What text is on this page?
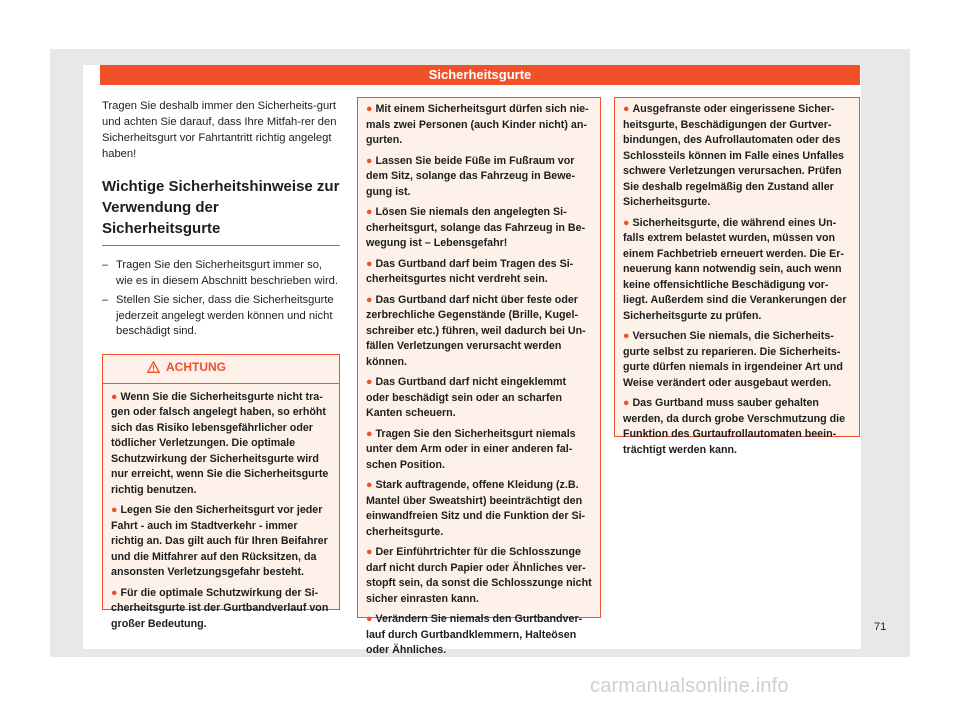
Sicherheitsgurte

Tragen Sie deshalb immer den Sicherheits-gurt und achten Sie darauf, dass Ihre Mitfah-rer den Sicherheitsgurt vor Fahrtantritt richtig angelegt haben!

Wichtige Sicherheitshinweise zur Verwendung der Sicherheitsgurte
– Tragen Sie den Sicherheitsgurt immer so, wie es in diesem Abschnitt beschrieben wird.
– Stellen Sie sicher, dass die Sicherheitsgurte jederzeit angelegt werden können und nicht beschädigt sind.
ACHTUNG
● Wenn Sie die Sicherheitsgurte nicht tra-gen oder falsch angelegt haben, so erhöht sich das Risiko lebensgefährlicher oder tödlicher Verletzungen. Die optimale Schutzwirkung der Sicherheitsgurte wird nur erreicht, wenn Sie die Sicherheitsgurte richtig benutzen.
● Legen Sie den Sicherheitsgurt vor jeder Fahrt - auch im Stadtverkehr - immer richtig an. Das gilt auch für Ihren Beifahrer und die Mitfahrer auf den Rücksitzen, da ansonsten Verletzungsgefahr besteht.
● Für die optimale Schutzwirkung der Si-cherheitsgurte ist der Gurtbandverlauf von großer Bedeutung.
● Mit einem Sicherheitsgurt dürfen sich nie-mals zwei Personen (auch Kinder nicht) an-gurten.
● Lassen Sie beide Füße im Fußraum vor dem Sitz, solange das Fahrzeug in Bewe-gung ist.
● Lösen Sie niemals den angelegten Si-cherheitsgurt, solange das Fahrzeug in Be-wegung ist – Lebensgefahr!
● Das Gurtband darf beim Tragen des Si-cherheitsgurtes nicht verdreht sein.
● Das Gurtband darf nicht über feste oder zerbrechliche Gegenstände (Brille, Kugel-schreiber etc.) führen, weil dadurch bei Un-fällen Verletzungen verursacht werden können.
● Das Gurtband darf nicht eingeklemmt oder beschädigt sein oder an scharfen Kanten scheuern.
● Tragen Sie den Sicherheitsgurt niemals unter dem Arm oder in einer anderen fal-schen Position.
● Stark auftragende, offene Kleidung (z.B. Mantel über Sweatshirt) beeinträchtigt den einwandfreien Sitz und die Funktion der Si-cherheitsgurte.
● Der Einführtrichter für die Schlosszunge darf nicht durch Papier oder Ähnliches ver-stopft sein, da sonst die Schlosszunge nicht sicher einrasten kann.
● Verändern Sie niemals den Gurtbandver-lauf durch Gurtbandklemmern, Halteösen oder Ähnliches.
● Ausgefranste oder eingerissene Sicher-heitsgurte, Beschädigungen der Gurtver-bindungen, des Aufrollautomaten oder des Schlossteils können im Falle eines Unfalles schwere Verletzungen verursachen. Prüfen Sie deshalb regelmäßig den Zustand aller Sicherheitsgurte.
● Sicherheitsgurte, die während eines Un-falls extrem belastet wurden, müssen von einem Fachbetrieb erneuert werden. Die Er-neuerung kann notwendig sein, auch wenn keine offensichtliche Beschädigung vor-liegt. Außerdem sind die Verankerungen der Sicherheitsgurte zu prüfen.
● Versuchen Sie niemals, die Sicherheits-gurte selbst zu reparieren. Die Sicherheits-gurte dürfen niemals in irgendeiner Art und Weise verändert oder ausgebaut werden.
● Das Gurtband muss sauber gehalten werden, da durch grobe Verschmutzung die Funktion des Gurtaufrollautomaten beein-trächtigt werden kann.
71
carmanualsonline.info
